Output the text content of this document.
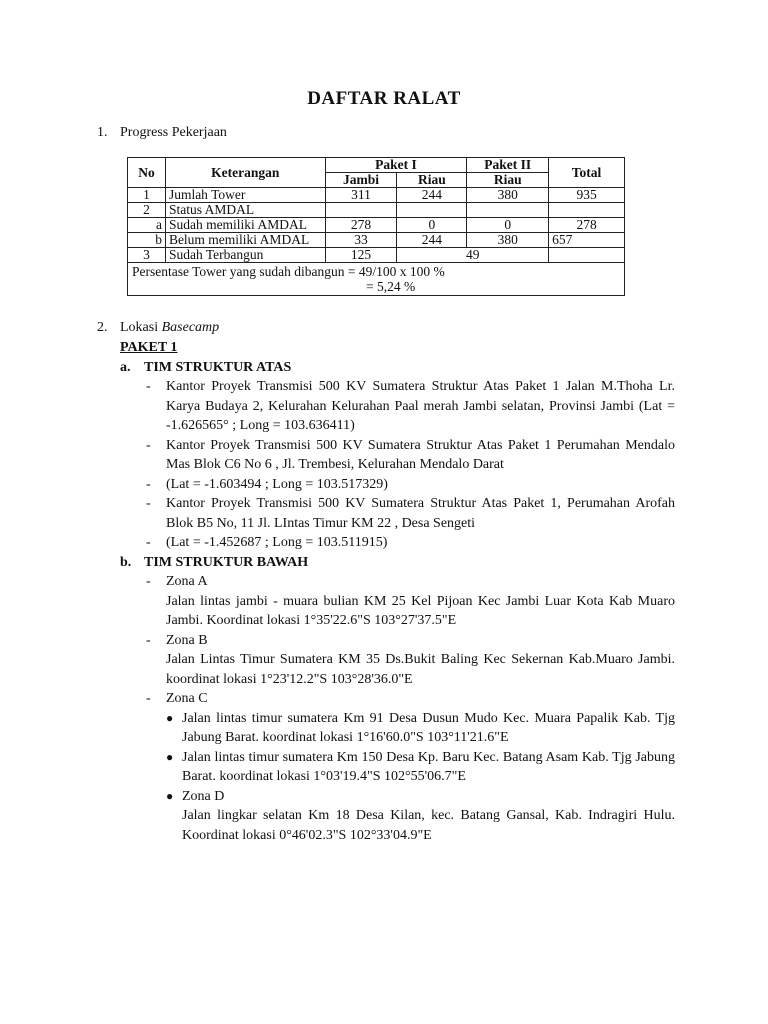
DAFTAR RALAT
1. Progress Pekerjaan
No	Keterangan	Paket I		Paket II	Total
		Jambi	Riau	Riau	
1	Jumlah Tower	311	244	380	935
2	Status AMDAL				
a	Sudah memiliki AMDAL	278	0	0	278
b	Belum memiliki AMDAL	33	244	380	657
3	Sudah Terbangun	125	49		

Persentase Tower yang sudah dibangun = 49/100 x 100 %
= 5,24 %					
2. Lokasi Basecamp
PAKET 1
a. TIM STRUKTUR ATAS
-	Kantor Proyek Transmisi 500 KV Sumatera Struktur Atas Paket 1 Jalan M.Thoha Lr. Karya Budaya 2, Kelurahan Kelurahan Paal merah Jambi selatan, Provinsi Jambi (Lat = -1.626565° ; Long = 103.636411)
-	Kantor Proyek Transmisi 500 KV Sumatera Struktur Atas Paket 1 Perumahan Mendalo Mas Blok C6 No 6 , Jl. Trembesi, Kelurahan Mendalo Darat
-	(Lat = -1.603494 ; Long = 103.517329)
-	Kantor Proyek Transmisi 500 KV Sumatera Struktur Atas Paket 1, Perumahan Arofah Blok B5 No, 11 Jl. LIntas Timur KM 22 , Desa Sengeti
-	(Lat = -1.452687 ; Long = 103.511915)
b. TIM STRUKTUR BAWAH
-	Zona A
Jalan lintas jambi - muara bulian KM 25 Kel Pijoan Kec Jambi Luar Kota Kab Muaro Jambi. Koordinat lokasi 1°35'22.6"S 103°27'37.5"E
-	Zona B
Jalan Lintas Timur Sumatera KM 35 Ds.Bukit Baling Kec Sekernan Kab.Muaro Jambi. koordinat lokasi 1°23'12.2"S 103°28'36.0"E
-	Zona C
● Jalan lintas timur sumatera Km 91 Desa Dusun Mudo Kec. Muara Papalik Kab. Tjg Jabung Barat. koordinat lokasi 1°16'60.0"S 103°11'21.6"E
● Jalan lintas timur sumatera Km 150 Desa Kp. Baru Kec. Batang Asam Kab. Tjg Jabung Barat. koordinat lokasi 1°03'19.4"S 102°55'06.7"E
● Zona D
Jalan lingkar selatan Km 18 Desa Kilan, kec. Batang Gansal, Kab. Indragiri Hulu. Koordinat lokasi 0°46'02.3"S 102°33'04.9"E
